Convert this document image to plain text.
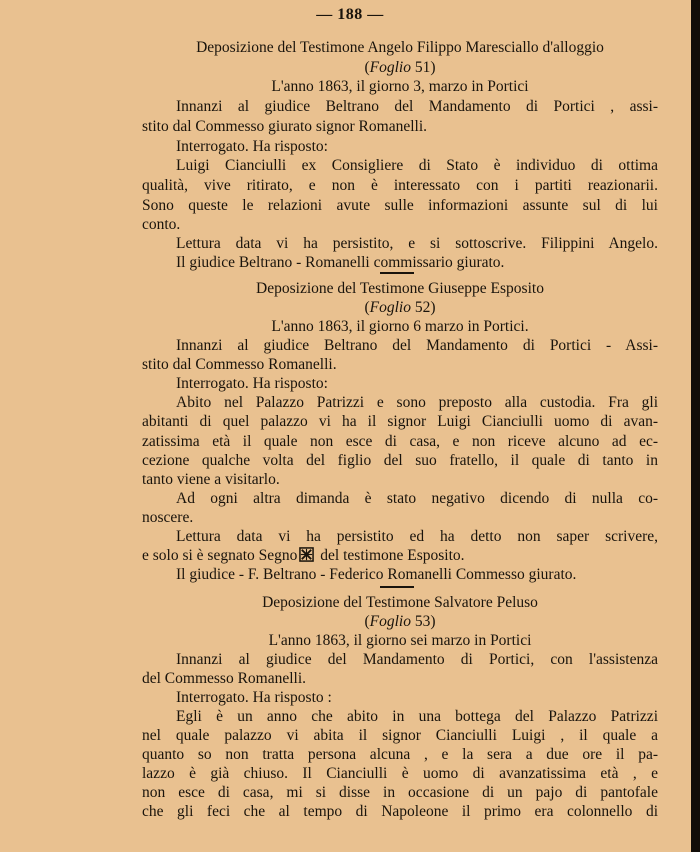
— 188 —
Deposizione del Testimone Angelo Filippo Maresciallo d'alloggio
(Foglio 51)
L'anno 1863, il giorno 3, marzo in Portici
Innanzi al giudice Beltrano del Mandamento di Portici , assi-
stito dal Commesso giurato signor Romanelli.
Interrogato. Ha risposto:
Luigi Cianciulli ex Consigliere di Stato è individuo di ottima
qualità, vive ritirato, e non è interessato con i partiti reazionarii.
Sono queste le relazioni avute sulle informazioni assunte sul di lui
conto.
Lettura data vi ha persistito, e si sottoscrive. Filippini Angelo.
Il giudice Beltrano - Romanelli commissario giurato.
Deposizione del Testimone Giuseppe Esposito
(Foglio 52)
L'anno 1863, il giorno 6 marzo in Portici.
Innanzi al giudice Beltrano del Mandamento di Portici - Assi-
stito dal Commesso Romanelli.
Interrogato. Ha risposto:
Abito nel Palazzo Patrizzi e sono preposto alla custodia. Fra gli
abitanti di quel palazzo vi ha il signor Luigi Cianciulli uomo di avan-
zatissima età il quale non esce di casa, e non riceve alcuno ad ec-
cezione qualche volta del figlio del suo fratello, il quale di tanto in
tanto viene a visitarlo.
Ad ogni altra dimanda è stato negativo dicendo di nulla co-
noscere.
Lettura data vi ha persistito ed ha detto non saper scrivere,
e solo si è segnato Segno del testimone Esposito.
Il giudice - F. Beltrano - Federico Romanelli Commesso giurato.
Deposizione del Testimone Salvatore Peluso
(Foglio 53)
L'anno 1863, il giorno sei marzo in Portici
Innanzi al giudice del Mandamento di Portici, con l'assistenza
del Commesso Romanelli.
Interrogato. Ha risposto :
Egli è un anno che abito in una bottega del Palazzo Patrizzi
nel quale palazzo vi abita il signor Cianciulli Luigi , il quale a
quanto so non tratta persona alcuna , e la sera a due ore il pa-
lazzo è già chiuso. Il Cianciulli è uomo di avanzatissima età , e
non esce di casa, mi si disse in occasione di un pajo di pantofale
che gli feci che al tempo di Napoleone il primo era colonnello di
